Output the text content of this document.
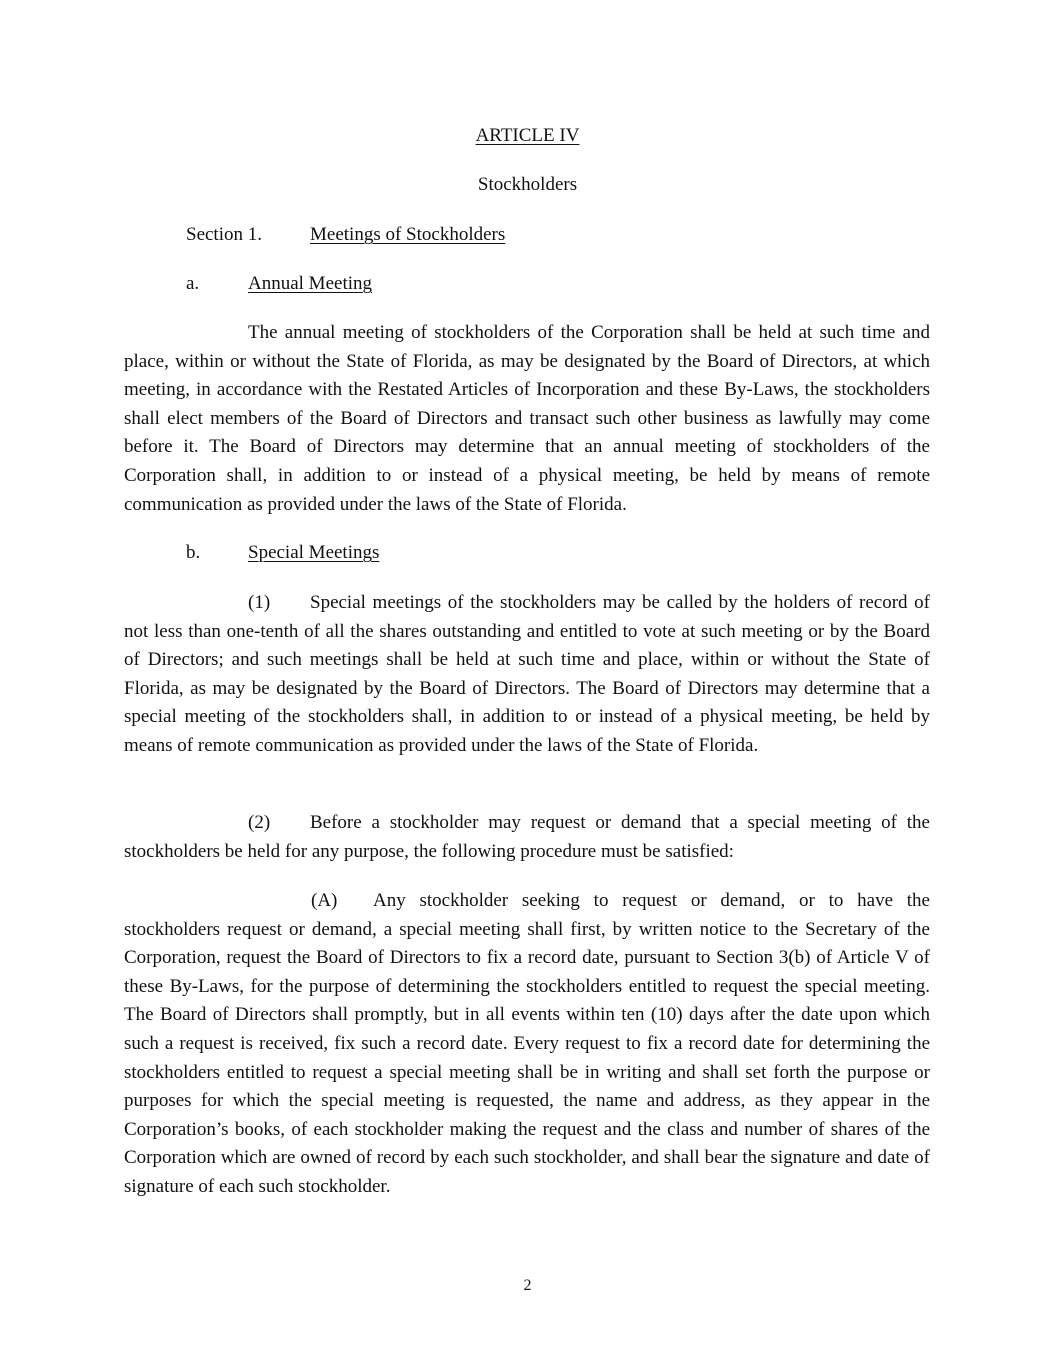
ARTICLE IV
Stockholders
Section 1.	Meetings of Stockholders
a.	Annual Meeting
The annual meeting of stockholders of the Corporation shall be held at such time and place, within or without the State of Florida, as may be designated by the Board of Directors, at which meeting, in accordance with the Restated Articles of Incorporation and these By-Laws, the stockholders shall elect members of the Board of Directors and transact such other business as lawfully may come before it. The Board of Directors may determine that an annual meeting of stockholders of the Corporation shall, in addition to or instead of a physical meeting, be held by means of remote communication as provided under the laws of the State of Florida.
b.	Special Meetings
(1) Special meetings of the stockholders may be called by the holders of record of not less than one-tenth of all the shares outstanding and entitled to vote at such meeting or by the Board of Directors; and such meetings shall be held at such time and place, within or without the State of Florida, as may be designated by the Board of Directors. The Board of Directors may determine that a special meeting of the stockholders shall, in addition to or instead of a physical meeting, be held by means of remote communication as provided under the laws of the State of Florida.
(2) Before a stockholder may request or demand that a special meeting of the stockholders be held for any purpose, the following procedure must be satisfied:
(A) Any stockholder seeking to request or demand, or to have the stockholders request or demand, a special meeting shall first, by written notice to the Secretary of the Corporation, request the Board of Directors to fix a record date, pursuant to Section 3(b) of Article V of these By-Laws, for the purpose of determining the stockholders entitled to request the special meeting. The Board of Directors shall promptly, but in all events within ten (10) days after the date upon which such a request is received, fix such a record date. Every request to fix a record date for determining the stockholders entitled to request a special meeting shall be in writing and shall set forth the purpose or purposes for which the special meeting is requested, the name and address, as they appear in the Corporation’s books, of each stockholder making the request and the class and number of shares of the Corporation which are owned of record by each such stockholder, and shall bear the signature and date of signature of each such stockholder.
2
